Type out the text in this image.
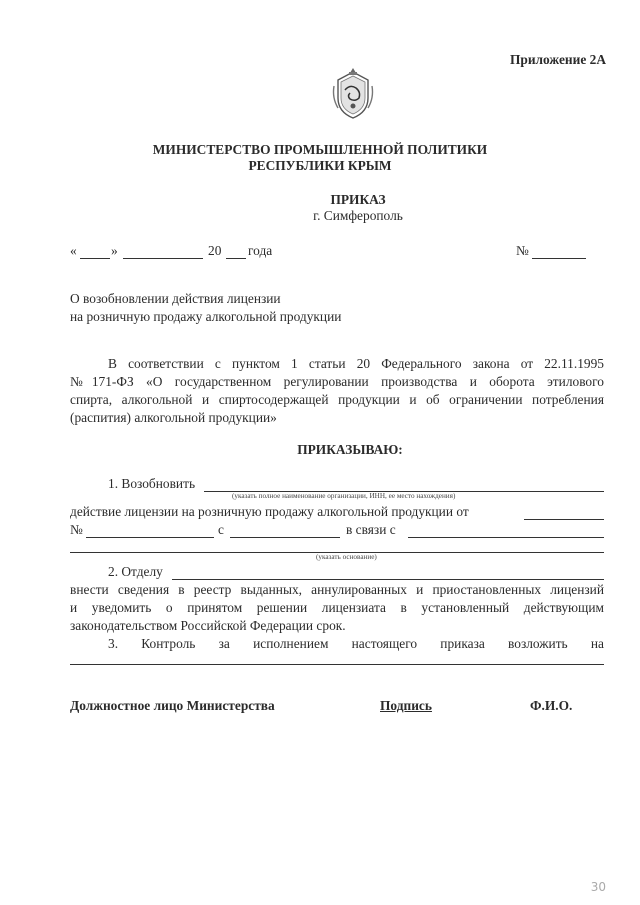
Приложение 2А
МИНИСТЕРСТВО ПРОМЫШЛЕННОЙ ПОЛИТИКИ
РЕСПУБЛИКИ КРЫМ
ПРИКАЗ
г. Симферополь
«	»	20 года	№
О возобновлении действия лицензии
на розничную продажу алкогольной продукции
В соответствии с пунктом 1 статьи 20 Федерального закона от 22.11.1995
№171-ФЗ «О государственном регулировании производства и оборота этилового
спирта, алкогольной и спиртосодержащей продукции и об ограничении потребления
(распития) алкогольной продукции»
ПРИКАЗЫВАЮ:
1. Возобновить
(указать полное наименование организации, ИНН, ее место нахождения)
действие лицензии на розничную продажу алкогольной продукции от
№	с	в связи с
(указать основание)
2. Отделу
внести сведения в реестр выданных, аннулированных и приостановленных лицензий
и уведомить о принятом решении лицензиата в установленный действующим
законодательством Российской Федерации срок.
3. Контроль за исполнением настоящего приказа возложить на
Должностное лицо Министерства	Подпись	Ф.И.О.
30
